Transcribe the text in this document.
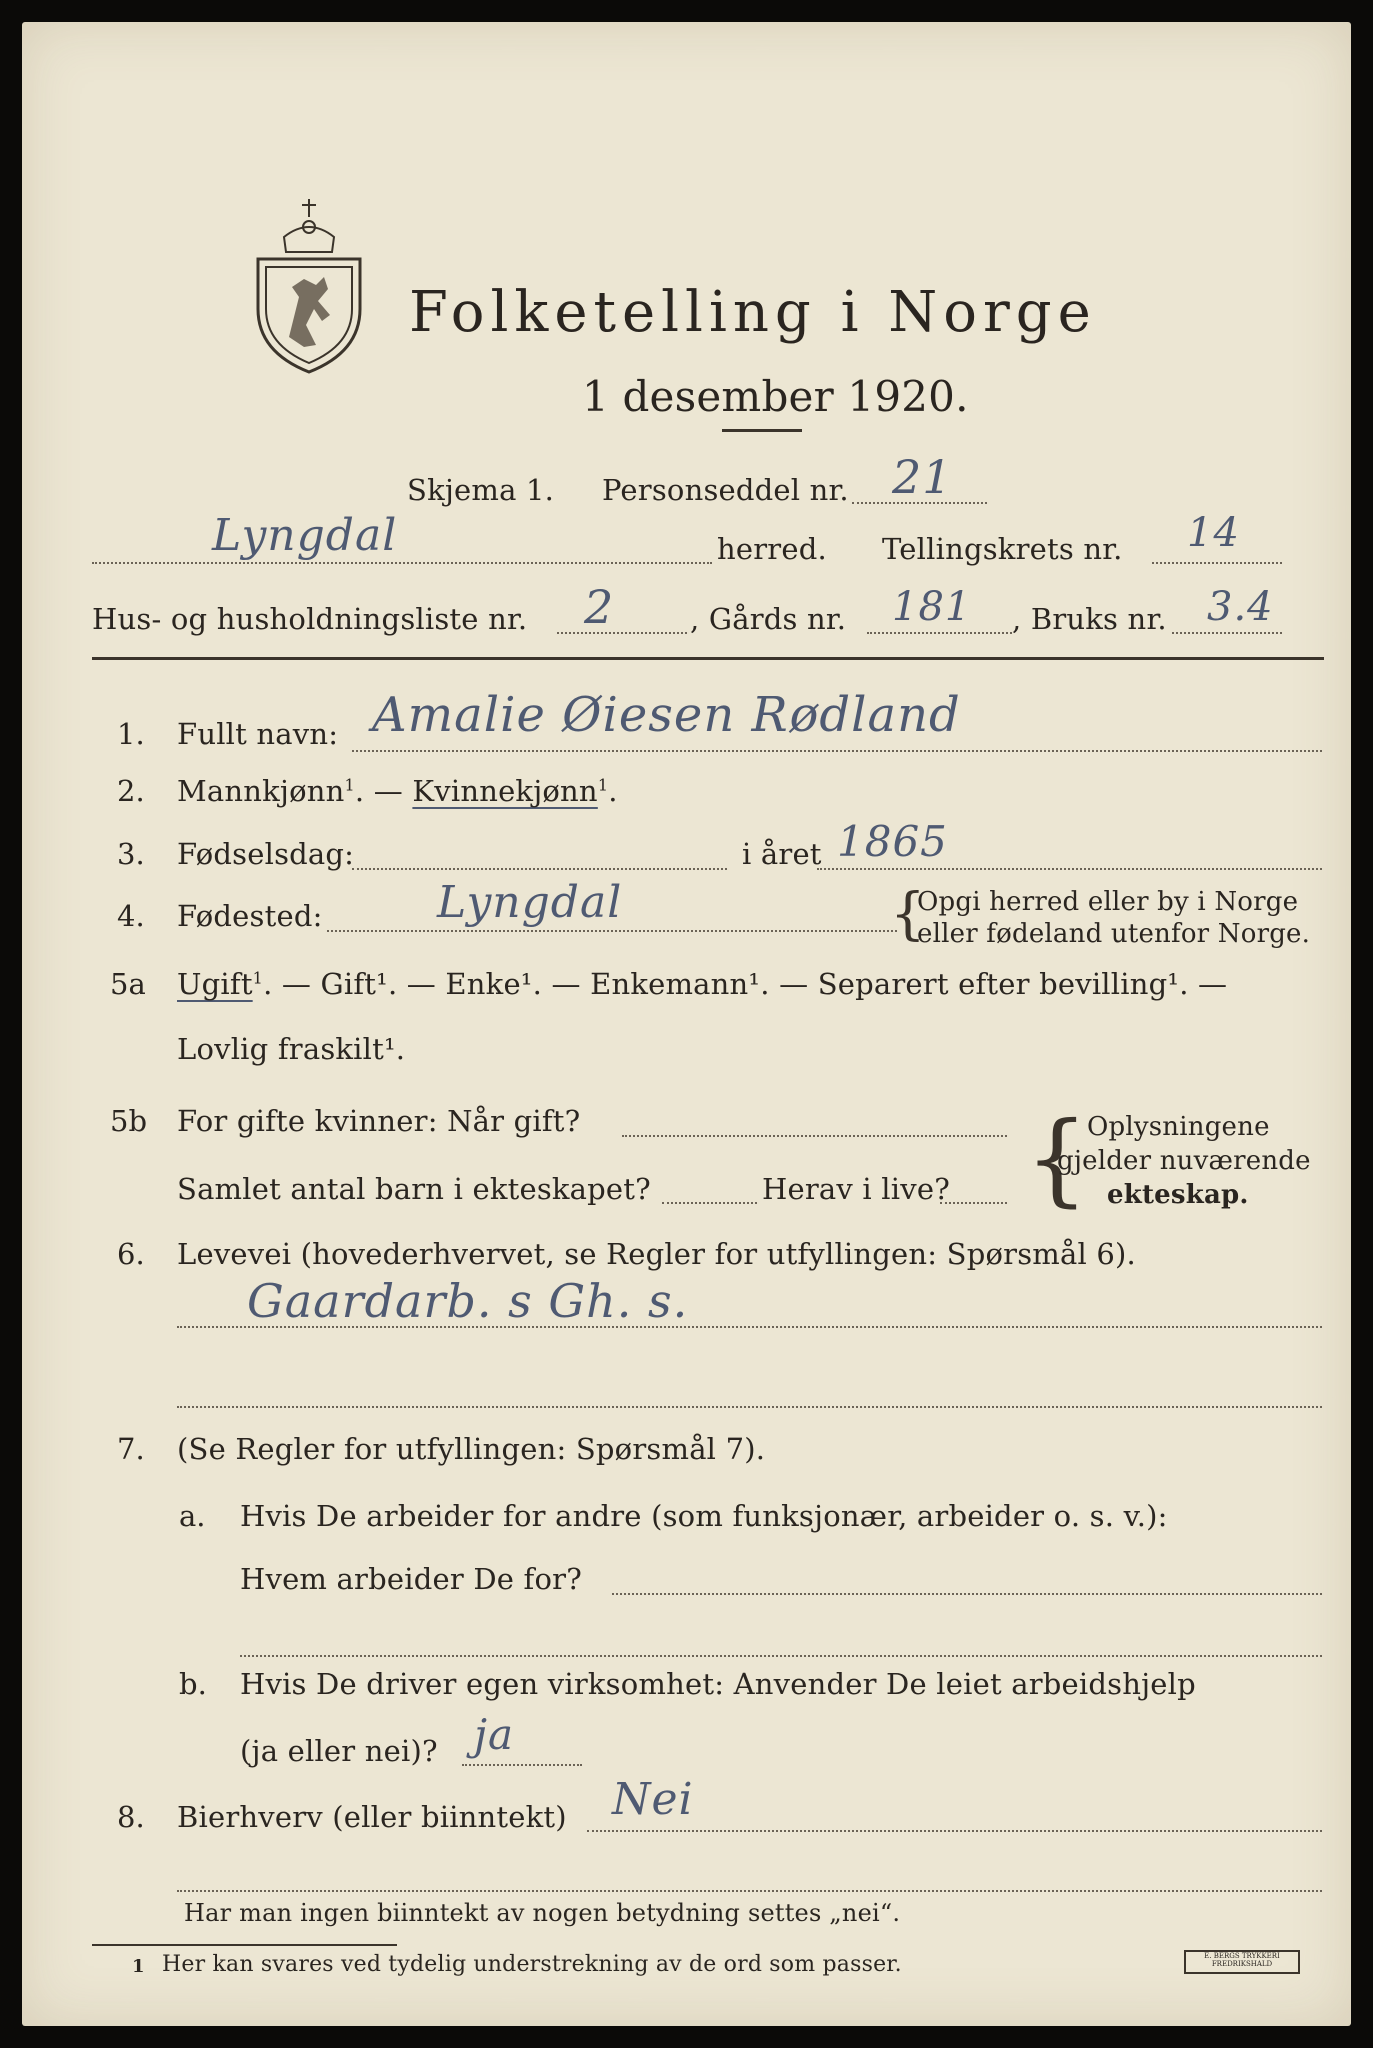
Folketelling i Norge
1 desember 1920.
Skjema 1. Personseddel nr. 21
Lyngdal	herred. Tellingskrets nr. 14
Hus- og husholdningsliste nr. 2	, Gårds nr. 181 , Bruks nr. 3.4
1. Fullt navn: Amalie Øiesen Rødland
2. Mannkjønn$^1$. — Kvinnekjønn$^1$.
3. Fødselsdag:	i året 1865
4. Fødested:	Lyngdal	{
Opgi herred eller by i Norge
eller fødeland utenfor Norge.
5a Ugift$^1$. — Gift¹. — Enke¹. — Enkemann¹. — Separert efter bevilling¹. —
Lovlig fraskilt¹.
5b For gifte kvinner: Når gift?
Samlet antal barn i ekteskapet?	Herav i live? {
Oplysningene
gjelder nuværende
ekteskap.
6. Levevei (hovederhvervet, se Regler for utfyllingen: Spørsmål 6).
Gaardarb. s Gh. s.
7. (Se Regler for utfyllingen: Spørsmål 7).
a. Hvis De arbeider for andre (som funksjonær, arbeider o. s. v.):
Hvem arbeider De for?
b. Hvis De driver egen virksomhet: Anvender De leiet arbeidshjelp
(ja eller nei)? ja
8. Bierhverv (eller biinntekt) Nei
Har man ingen biinntekt av nogen betydning settes „nei“.
1 Her kan svares ved tydelig understrekning av de ord som passer.	E. BERGS TRYKKERI FREDRIKSHALD
